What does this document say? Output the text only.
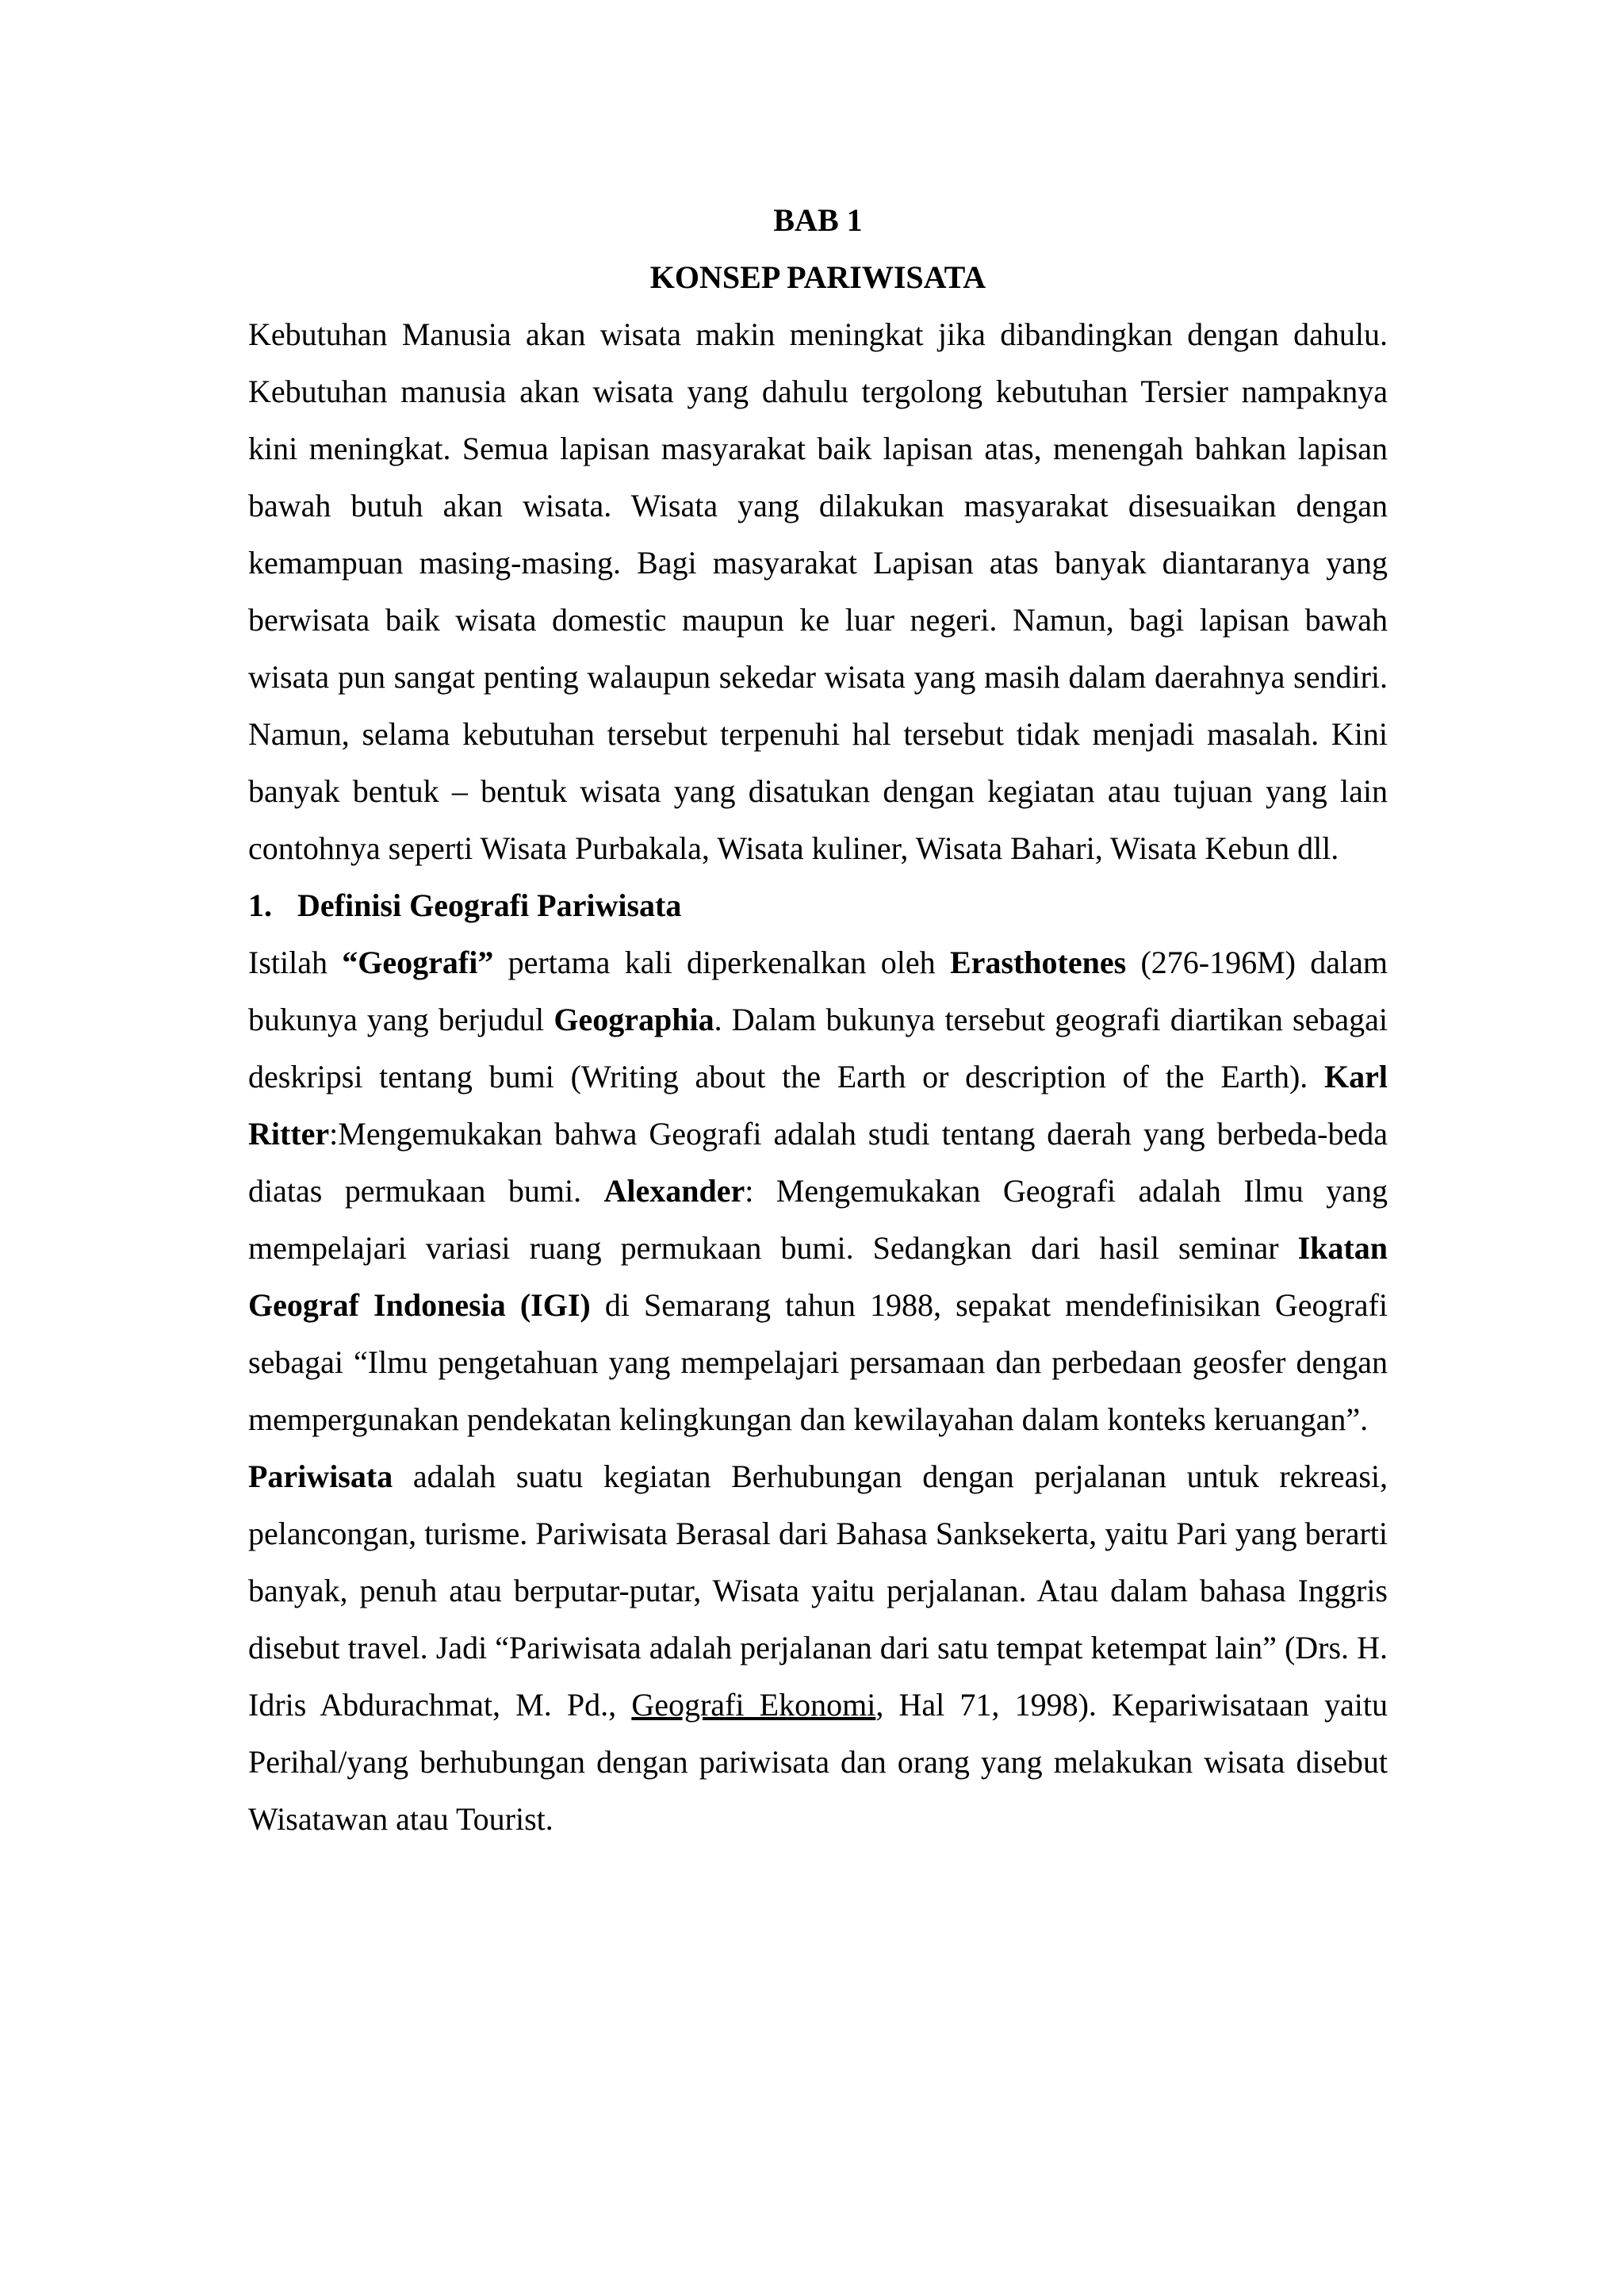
BAB 1

KONSEP PARIWISATA

Kebutuhan Manusia akan wisata makin meningkat jika dibandingkan dengan dahulu. Kebutuhan manusia akan wisata yang dahulu tergolong kebutuhan Tersier nampaknya kini meningkat. Semua lapisan masyarakat baik lapisan atas, menengah bahkan lapisan bawah butuh akan wisata. Wisata yang dilakukan masyarakat disesuaikan dengan kemampuan masing-masing. Bagi masyarakat Lapisan atas banyak diantaranya yang berwisata baik wisata domestic maupun ke luar negeri. Namun, bagi lapisan bawah wisata pun sangat penting walaupun sekedar wisata yang masih dalam daerahnya sendiri. Namun, selama kebutuhan tersebut terpenuhi hal tersebut tidak menjadi masalah. Kini banyak bentuk – bentuk wisata yang disatukan dengan kegiatan atau tujuan yang lain contohnya seperti Wisata Purbakala, Wisata kuliner, Wisata Bahari, Wisata Kebun dll.

1. Definisi Geografi Pariwisata

Istilah “Geografi” pertama kali diperkenalkan oleh Erasthotenes (276-196M) dalam bukunya yang berjudul Geographia. Dalam bukunya tersebut geografi diartikan sebagai deskripsi tentang bumi (Writing about the Earth or description of the Earth). Karl Ritter:Mengemukakan bahwa Geografi adalah studi tentang daerah yang berbeda-beda diatas permukaan bumi. Alexander: Mengemukakan Geografi adalah Ilmu yang mempelajari variasi ruang permukaan bumi. Sedangkan dari hasil seminar Ikatan Geograf Indonesia (IGI) di Semarang tahun 1988, sepakat mendefinisikan Geografi sebagai “Ilmu pengetahuan yang mempelajari persamaan dan perbedaan geosfer dengan mempergunakan pendekatan kelingkungan dan kewilayahan dalam konteks keruangan”.

Pariwisata adalah suatu kegiatan Berhubungan dengan perjalanan untuk rekreasi, pelancongan, turisme. Pariwisata Berasal dari Bahasa Sanksekerta, yaitu Pari yang berarti banyak, penuh atau berputar-putar, Wisata yaitu perjalanan. Atau dalam bahasa Inggris disebut travel. Jadi “Pariwisata adalah perjalanan dari satu tempat ketempat lain” (Drs. H. Idris Abdurachmat, M. Pd., Geografi Ekonomi, Hal 71, 1998). Kepariwisataan yaitu Perihal/yang berhubungan dengan pariwisata dan orang yang melakukan wisata disebut Wisatawan atau Tourist.
